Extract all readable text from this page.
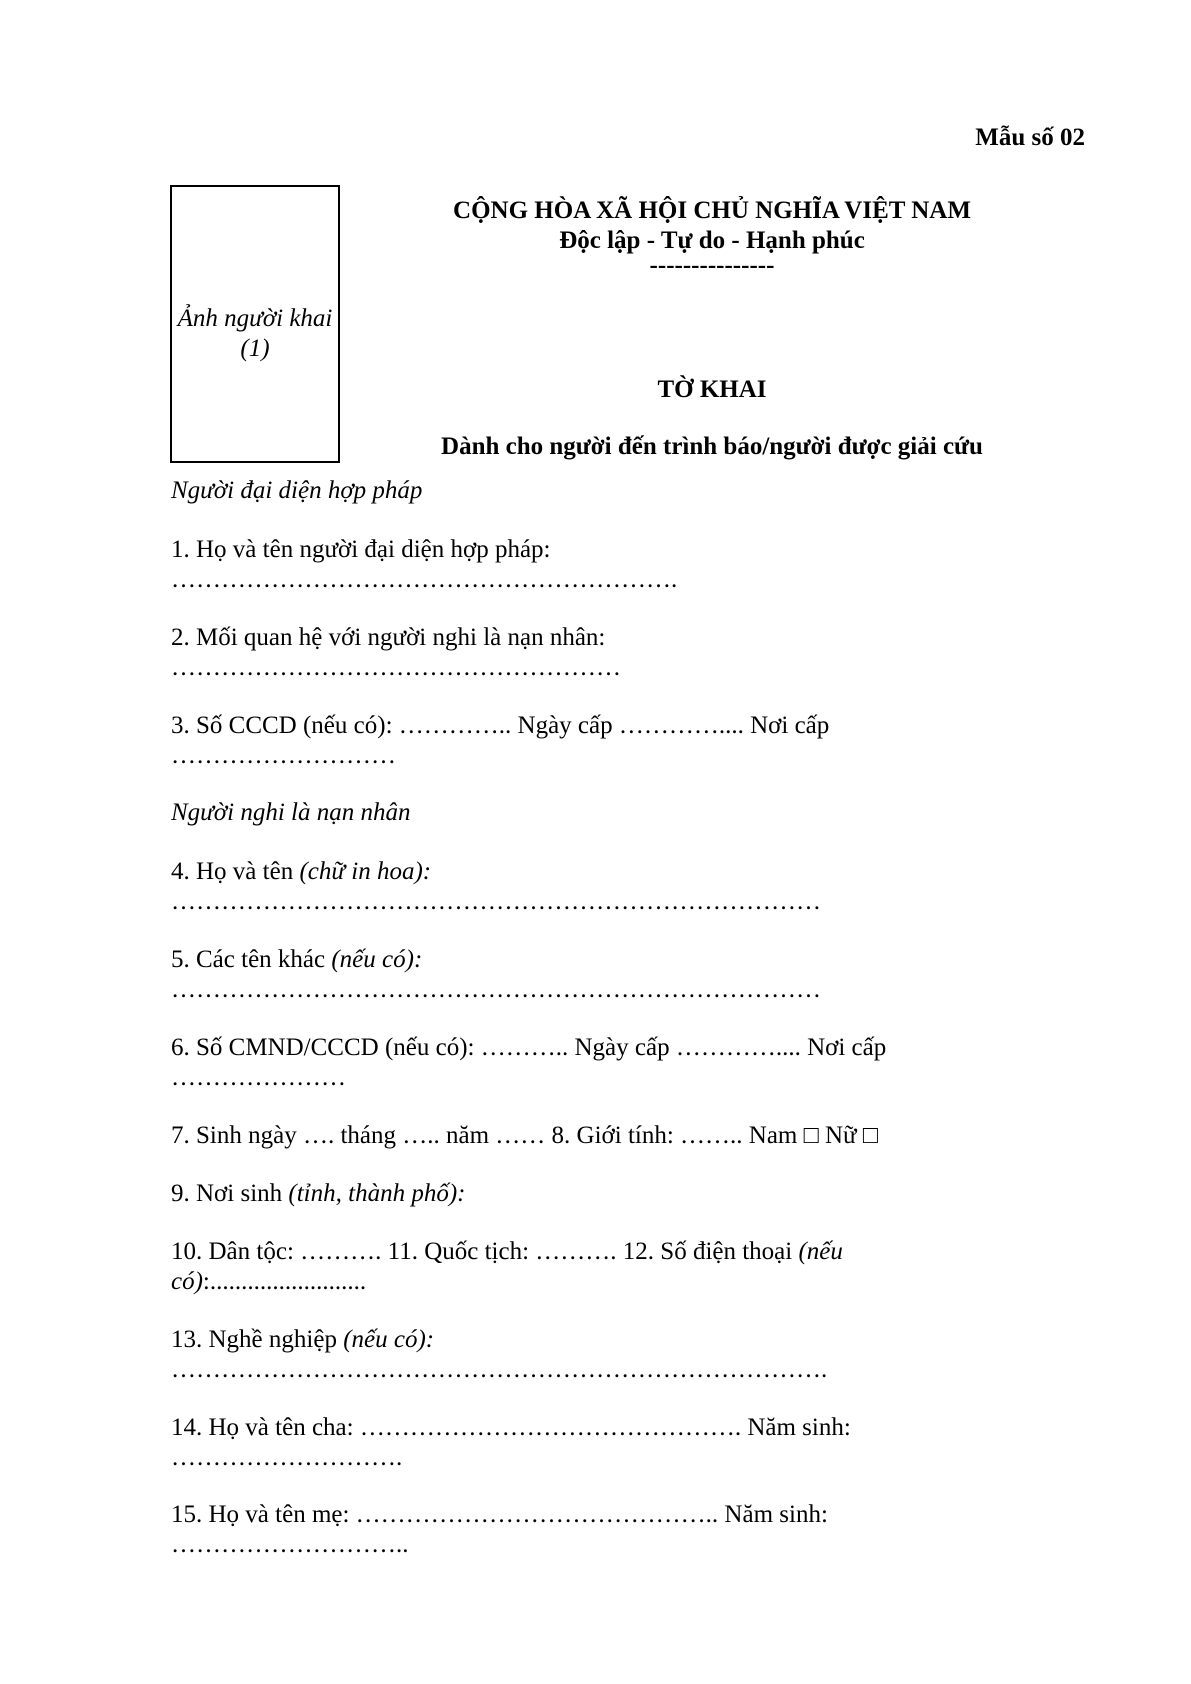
Mẫu số 02
Ảnh người khai
(1)
CỘNG HÒA XÃ HỘI CHỦ NGHĨA VIỆT NAM
Độc lập - Tự do - Hạnh phúc
---------------
TỜ KHAI
Dành cho người đến trình báo/người được giải cứu
Người đại diện hợp pháp
1. Họ và tên người đại diện hợp pháp:
…………………………………………………….
2. Mối quan hệ với người nghi là nạn nhân:
………………………………………………
3. Số CCCD (nếu có): ………….. Ngày cấp ………….... Nơi cấp
………………………
Người nghi là nạn nhân
4. Họ và tên (chữ in hoa):
……………………………………………………………………
5. Các tên khác (nếu có):
……………………………………………………………………
6. Số CMND/CCCD (nếu có): ……….. Ngày cấp ………….... Nơi cấp
…………………
7. Sinh ngày …. tháng ….. năm …… 8. Giới tính: …….. Nam □ Nữ □
9. Nơi sinh (tỉnh, thành phố):
10. Dân tộc: ………. 11. Quốc tịch: ………. 12. Số điện thoại (nếu
có):.........................
13. Nghề nghiệp (nếu có):
…………………………………………………………………….
14. Họ và tên cha: ………………………………………. Năm sinh:
……………………….
15. Họ và tên mẹ: …………………………………….. Năm sinh:
………………………..
